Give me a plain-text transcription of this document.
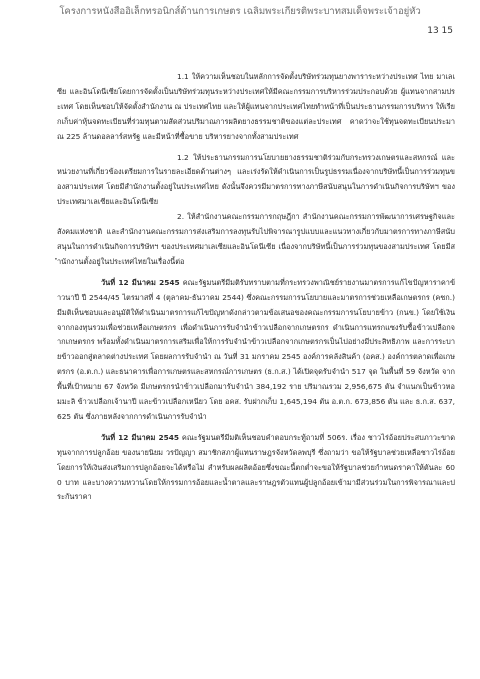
โครงการหนังสืออิเล็กทรอนิกส์ด้านการเกษตร เฉลิมพระเกียรติพระบาทสมเด็จพระเจ้าอยู่หัว
13 15

1.1 ให้ความเห็นชอบในหลักการจัดตั้งบริษัทร่วมทุนยางพาราระหว่างประเทศ ไทย มาเลเซีย และอินโดนีเซียโดยการจัดตั้งเป็นบริษัทร่วมทุนระหว่างประเทศให้มีคณะกรรมการบริหารร่วมประกอบด้วย ผู้แทนจากสามประเทศ โดยเห็นชอบให้จัดตั้งสำนักงาน ณ ประเทศไทย และให้ผู้แทนจากประเทศไทยทำหน้าที่เป็นประธานกรรมการบริหาร ให้เรียกเก็บค่าหุ้นจดทะเบียนที่ร่วมทุนตามสัดส่วนปริมาณการผลิตยางธรรมชาติของแต่ละประเทศ คาดว่าจะใช้ทุนจดทะเบียนประมาณ 225 ล้านดอลลาร์สหรัฐ และมีหน้าที่ซื้อขาย บริหารยางจากทั้งสามประเทศ

1.2 ให้ประธานกรรมการนโยบายยางธรรมชาติร่วมกับกระทรวงเกษตรและสหกรณ์ และหน่วยงานที่เกี่ยวข้องเตรียมการในรายละเอียดด้านต่างๆ และเร่งรัดให้ดำเนินการเป็นรูปธรรมเนื่องจากบริษัทนี้เป็นการร่วมทุนของสามประเทศ โดยมีสำนักงานตั้งอยู่ในประเทศไทย ดังนั้นจึงควรมีมาตรการทางภาษีสนับสนุนในการดำเนินกิจการบริษัทฯ ของประเทศมาเลเซียและอินโดนีเซีย

2. ให้สำนักงานคณะกรรมการกฤษฎีกา สำนักงานคณะกรรมการพัฒนาการเศรษฐกิจและสังคมแห่งชาติ และสำนักงานคณะกรรมการส่งเสริมการลงทุนรับไปพิจารณารูปแบบและแนวทางเกี่ยวกับมาตรการทางภาษีสนับสนุนในการดำเนินกิจการบริษัทฯ ของประเทศมาเลเซียและอินโดนีเซีย เนื่องจากบริษัทนี้เป็นการร่วมทุนของสามประเทศ โดยมีสำนักงานตั้งอยู่ในประเทศไทยในเรื่องนี้ต่อ

วันที่ 12 มีนาคม 2545 คณะรัฐมนตรีมีมติรับทราบตามที่กระทรวงพาณิชย์รายงานมาตรการแก้ไขปัญหาราคาข้าวนาปี ปี 2544/45 ไตรมาสที่ 4 (ตุลาคม-ธันวาคม 2544) ซึ่งคณะกรรมการนโยบายและมาตรการช่วยเหลือเกษตรกร (คชก.) มีมติเห็นชอบและอนุมัติให้ดำเนินมาตรการแก้ไขปัญหาดังกล่าวตามข้อเสนอของคณะกรรมการนโยบายข้าว (กนข.) โดยใช้เงินจากกองทุนรวมเพื่อช่วยเหลือเกษตรกร เพื่อดำเนินการรับจำนำข้าวเปลือกจากเกษตรกร ดำเนินการแทรกแซงรับซื้อข้าวเปลือกจากเกษตรกร พร้อมทั้งดำเนินมาตรการเสริมเพื่อให้การรับจำนำข้าวเปลือกจากเกษตรกรเป็นไปอย่างมีประสิทธิภาพ และการระบายข้าวออกสู่ตลาดต่างประเทศ โดยผลการรับจำนำ ณ วันที่ 31 มกราคม 2545 องค์การคลังสินค้า (อคส.) องค์การตลาดเพื่อเกษตรกร (อ.ต.ก.) และธนาคารเพื่อการเกษตรและสหกรณ์การเกษตร (ธ.ก.ส.) ได้เปิดจุดรับจำนำ 517 จุด ในพื้นที่ 59 จังหวัด จากพื้นที่เป้าหมาย 67 จังหวัด มีเกษตรกรนำข้าวเปลือกมารับจำนำ 384,192 ราย ปริมาณรวม 2,956,675 ตัน จำแนกเป็นข้าวหอมมะลิ ข้าวเปลือกเจ้านาปี และข้าวเปลือกเหนียว โดย อคส. รับฝากเก็บ 1,645,194 ตัน อ.ต.ก. 673,856 ตัน และ ธ.ก.ส. 637,625 ตัน ซึ่งภายหลังจากการดำเนินการรับจำนำ

วันที่ 12 มีนาคม 2545 คณะรัฐมนตรีมีมติเห็นชอบคำตอบกระทู้ถามที่ 506ร. เรื่อง ชาวไร่อ้อยประสบภาวะขาดทุนจากการปลูกอ้อย ของนายนิยม วรปัญญา สมาชิกสภาผู้แทนราษฎรจังหวัดลพบุรี ซึ่งถามว่า ขอให้รัฐบาลช่วยเหลือชาวไร่อ้อยโดยการให้เงินส่งเสริมการปลูกอ้อยจะได้หรือไม่ สำหรับผลผลิตอ้อยซึ่งขณะนี้ตกต่ำจะขอให้รัฐบาลช่วยกำหนดราคาให้ตันละ 600 บาท และบางความหวานโดยให้กรรมการอ้อยและน้ำตาลและราษฎรตัวแทนผู้ปลูกอ้อยเข้ามามีส่วนร่วมในการพิจารณาและประกันราคา
